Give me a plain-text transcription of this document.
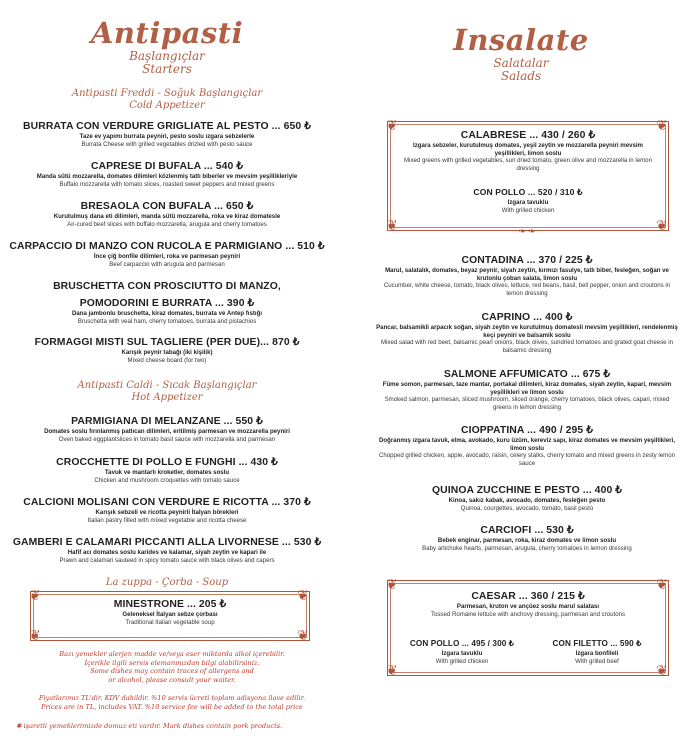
Antipasti
Başlangıçlar
Starters
Antipasti Freddi - Soğuk Başlangıçlar
Cold Appetizer
BURRATA CON VERDURE GRIGLIATE AL PESTO ... 650 ₺
Taze ev yapımı burrata peyniri, pesto soslu ızgara sebzelerle
Burrata Cheese with grilled vegetables drizled with pesto sauce
CAPRESE DI BUFALA ... 540 ₺
Manda sütü mozzarella, domates dilimleri közlenmiş tatlı biberler ve mevsim yeşillikleriyle
Buffalo mozzarella with tomato slices, roasted sweet peppers and mixed greens
BRESAOLA CON BUFALA ... 650 ₺
Kurutulmuş dana eti dilimleri, manda sütü mozzarella, roka ve kiraz domatesle
Air-cured beef slices with buffalo mozzarella, arugula and cherry tomatoes
CARPACCIO DI MANZO CON RUCOLA E PARMIGIANO ... 510 ₺
İnce çiğ bonfile dilimleri, roka ve parmesan peyniri
Beef carpaccio with arugula and parmesan
BRUSCHETTA CON PROSCIUTTO DI MANZO,
POMODORINI E BURRATA ... 390 ₺
Dana jambonlu bruschetta, kiraz domates, burrata ve Antep fıstığı
Bruschetta with veal ham, cherry tomatoes, burrata and pistachios
FORMAGGI MISTI SUL TAGLIERE (PER DUE)... 870 ₺
Karışık peynir tabağı (iki kişilik)
Mixed cheese board (for two)
Antipasti Caldi - Sıcak Başlangıçlar
Hot Appetizer
PARMIGIANA DI MELANZANE ... 550 ₺
Domates soslu fırınlanmış patlıcan dilimleri, eritilmiş parmesan ve mozzarella peyniri
Oven baked eggplantslices in tomato basil sauce with mozzarella and parmesan
CROCCHETTE DI POLLO E FUNGHI ... 430 ₺
Tavuk ve mantarlı kroketler, domates soslu
Chicken and mushroom croquettes with tomato sauce
CALCIONI MOLISANI CON VERDURE E RICOTTA ... 370 ₺
Karışık sebzeli ve ricotta peynirli İtalyan börekleri
Italian pastry filled with mixed vegetable and ricotta cheese
GAMBERI E CALAMARI PICCANTI ALLA LIVORNESE ... 530 ₺
Hafif acı domates soslu karides ve kalamar, siyah zeytin ve kapari ile
Prawn and calamari sauteed in spicy tomato sauce with black olives and capers
La zuppa - Çorba - Soup
❦	❦
❦	❦
MINESTRONE ... 205 ₺
Geleneksel İtalyan sebze çorbası
Traditional Italian vegetable soup
Bazı yemekler alerjen madde ve/veya eser miktarda alkol içerebilir.
İçerikle ilgili servis elemanınızdan bilgi alabilirsiniz.
Some dishes may contain traces of allergens and
or alcohol, please consult your waiter.
Fiyatlarımız TL'dir. KDV dahildir. %10 servis ücreti toplam adisyona ilave edilir.
Prices are in TL, includes VAT. %10 service fee will be added to the total price
✱ işaretli yemeklerimizde domuz eti vardır. Mark dishes contain pork products.
Insalate
Salatalar
Salads
❦	❦
❦	❦
CALABRESE ... 430 / 260 ₺
Izgara sebzeler, kurutulmuş domates, yeşil zeytin ve mozzarella peyniri mevsim yeşillikleri, limon soslu
Mixed greens with grilled vegetables, sun dried tomato, green olive and mozzarella in lemon dressing
CON POLLO ... 520 / 310 ₺
Izgara tavuklu
With grilled chicken
❧❧
CONTADINA ... 370 / 225 ₺
Marul, salatalık, domates, beyaz peynir, siyah zeytin, kırmızı fasulye, tatlı biber, fesleğen, soğan ve krutonlu çoban salata, limon soslu
Cucumber, white cheese, tomato, black olives, lettuce, red beans, basil, bell pepper, onion and croutons in lemon dressing
CAPRINO ... 400 ₺
Pancar, balsamikli arpacık soğan, siyah zeytin ve kurutulmuş domatesli mevsim yeşillikleri, rendelenmiş keçi peyniri ve balsamik soslu
Mixed salad with red beet, balsamic pearl onions, black olives, sundried tomatoes and grated goat cheese in balsamic dressing
SALMONE AFFUMICATO ... 675 ₺
Füme somon, parmesan, taze mantar, portakal dilimleri, kiraz domates, siyah zeytin, kapari, mevsim yeşillikleri ve limon soslu
Smoked salmon, parmesan, sliced mushroom, sliced orange, cherry tomatoes, black olives, capari, mixed greens in lemon dressing
CIOPPATINA ... 490 / 295 ₺
Doğranmış ızgara tavuk, elma, avokado, kuru üzüm, kereviz sapı, kiraz domates ve mevsim yeşillikleri, limon soslu
Chopped grilled chicken, apple, avocado, raisin, celery stalks, cherry tomato and mixed greens in zesty lemon sauce
QUINOA ZUCCHINE E PESTO ... 400 ₺
Kinoa, sakız kabak, avocado, domates, fesleğen pesto
Quinoa, courgettes, avocado, tomato, basil pesto
CARCIOFI ... 530 ₺
Bebek enginar, parmesan, roka, kiraz domates ve limon soslu
Baby artichoke hearts, parmesan, arugula, cherry tomatoes in lemon dressing
❦	❦
❦	❦
CAESAR ... 360 / 215 ₺
Parmesan, kruton ve ançüez soslu marul salatası
Tossed Romaine lettuce with anchovy dressing, parmesan and croutons
CON POLLO ... 495 / 300 ₺
Izgara tavuklu
With grilled chicken
CON FILETTO ... 590 ₺
Izgara bonfileli
With grilled beef
